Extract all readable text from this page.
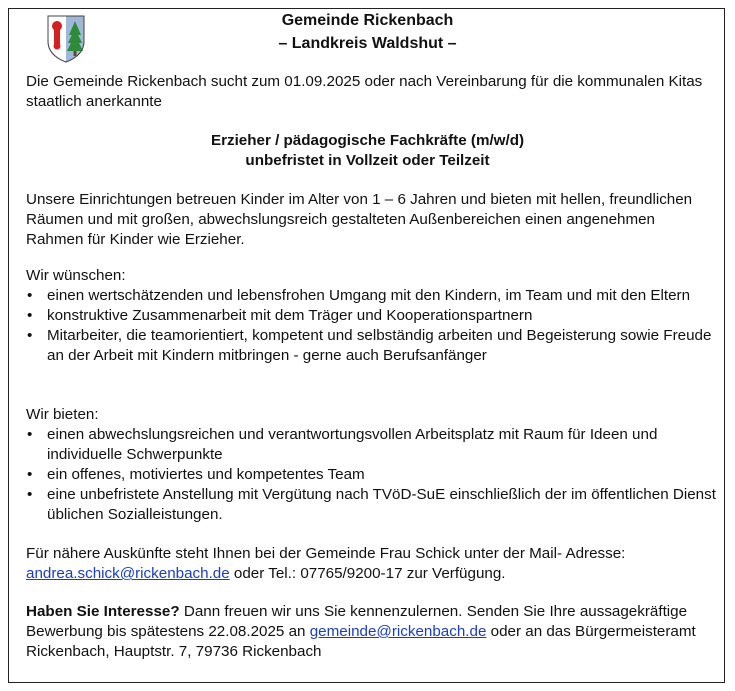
Gemeinde Rickenbach
– Landkreis Waldshut –

Die Gemeinde Rickenbach sucht zum 01.09.2025 oder nach Vereinbarung für die kommunalen Kitas staatlich anerkannte

Erzieher / pädagogische Fachkräfte (m/w/d)
unbefristet in Vollzeit oder Teilzeit

Unsere Einrichtungen betreuen Kinder im Alter von 1 – 6 Jahren und bieten mit hellen, freundlichen Räumen und mit großen, abwechslungsreich gestalteten Außenbereichen einen angenehmen Rahmen für Kinder wie Erzieher.

Wir wünschen:

• einen wertschätzenden und lebensfrohen Umgang mit den Kindern, im Team und mit den Eltern
• konstruktive Zusammenarbeit mit dem Träger und Kooperationspartnern
• Mitarbeiter, die teamorientiert, kompetent und selbständig arbeiten und Begeisterung sowie Freude an der Arbeit mit Kindern mitbringen - gerne auch Berufsanfänger

Wir bieten:

• einen abwechslungsreichen und verantwortungsvollen Arbeitsplatz mit Raum für Ideen und individuelle Schwerpunkte
• ein offenes, motiviertes und kompetentes Team
• eine unbefristete Anstellung mit Vergütung nach TVöD-SuE einschließlich der im öffentlichen Dienst üblichen Sozialleistungen.

Für nähere Auskünfte steht Ihnen bei der Gemeinde Frau Schick unter der Mail- Adresse:
andrea.schick@rickenbach.de oder Tel.: 07765/9200-17 zur Verfügung.

Haben Sie Interesse? Dann freuen wir uns Sie kennenzulernen. Senden Sie Ihre aussagekräftige Bewerbung bis spätestens 22.08.2025 an gemeinde@rickenbach.de oder an das Bürgermeisteramt Rickenbach, Hauptstr. 7, 79736 Rickenbach
